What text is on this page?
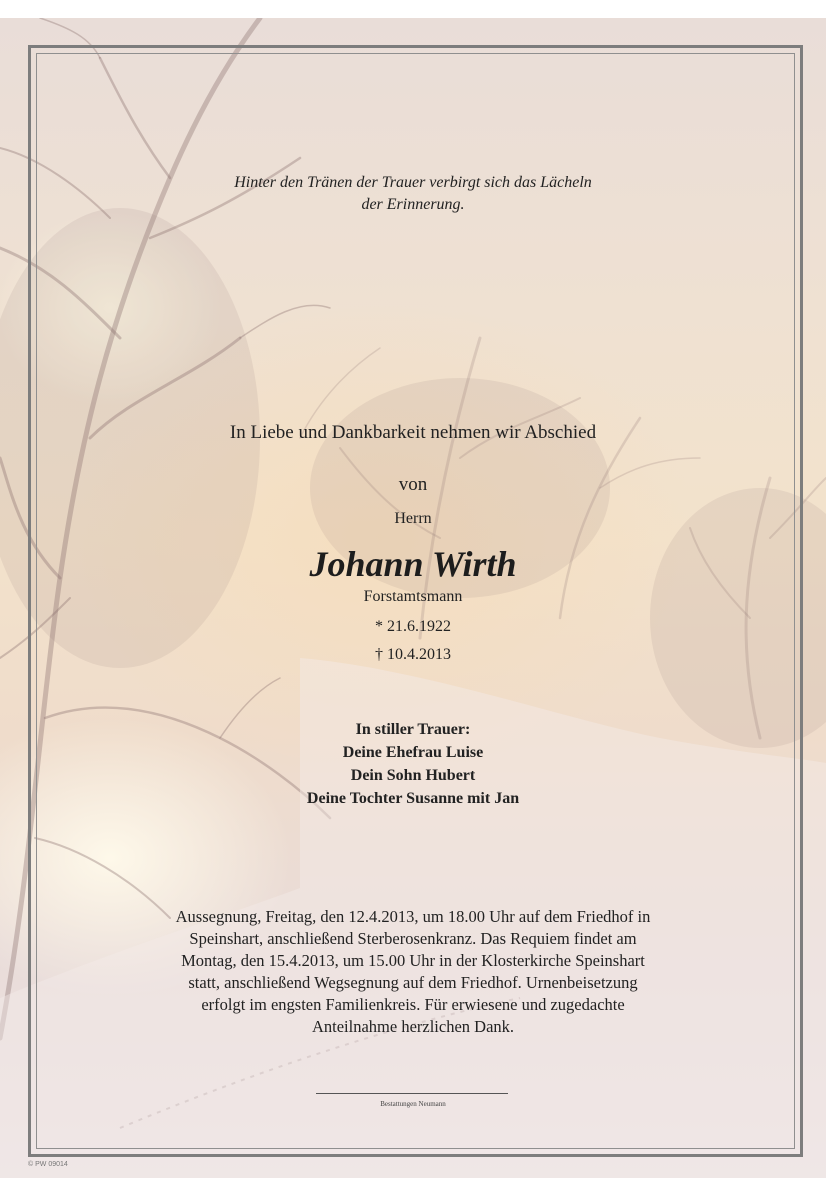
Hinter den Tränen der Trauer verbirgt sich das Lächeln
der Erinnerung.
In Liebe und Dankbarkeit nehmen wir Abschied
von
Herrn
Johann Wirth
Forstamtsmann
* 21.6.1922
† 10.4.2013
In stiller Trauer:
Deine Ehefrau Luise
Dein Sohn Hubert
Deine Tochter Susanne mit Jan
Aussegnung, Freitag, den 12.4.2013, um 18.00 Uhr auf dem Friedhof in
Speinshart, anschließend Sterberosenkranz. Das Requiem findet am
Montag, den 15.4.2013, um 15.00 Uhr in der Klosterkirche Speinshart
statt, anschließend Wegsegnung auf dem Friedhof. Urnenbeisetzung
erfolgt im engsten Familienkreis. Für erwiesene und zugedachte
Anteilnahme herzlichen Dank.
Bestattungen Neumann
© PW 09014
